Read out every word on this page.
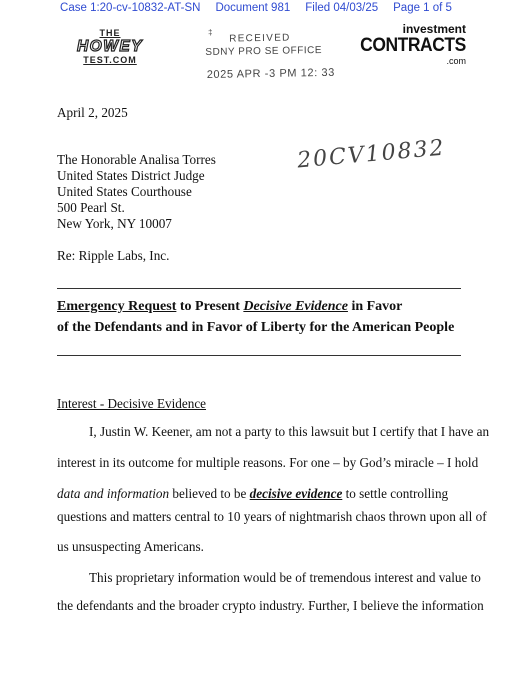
Case 1:20-cv-10832-AT-SN Document 981 Filed 04/03/25 Page 1 of 5
THE
HOWEY
TEST.COM
‡
RECEIVED
SDNY PRO SE OFFICE
2025 APR -3 PM 12: 33
investment
CONTRACTS
.com
April 2, 2025
20CV10832
The Honorable Analisa Torres
United States District Judge
United States Courthouse
500 Pearl St.
New York, NY 10007
Re: Ripple Labs, Inc.
Emergency Request to Present Decisive Evidence in Favor
of the Defendants and in Favor of Liberty for the American People
Interest - Decisive Evidence
I, Justin W. Keener, am not a party to this lawsuit but I certify that I have an
interest in its outcome for multiple reasons. For one – by God’s miracle – I hold
data and information believed to be decisive evidence to settle controlling
questions and matters central to 10 years of nightmarish chaos thrown upon all of
us unsuspecting Americans.
This proprietary information would be of tremendous interest and value to
the defendants and the broader crypto industry. Further, I believe the information
